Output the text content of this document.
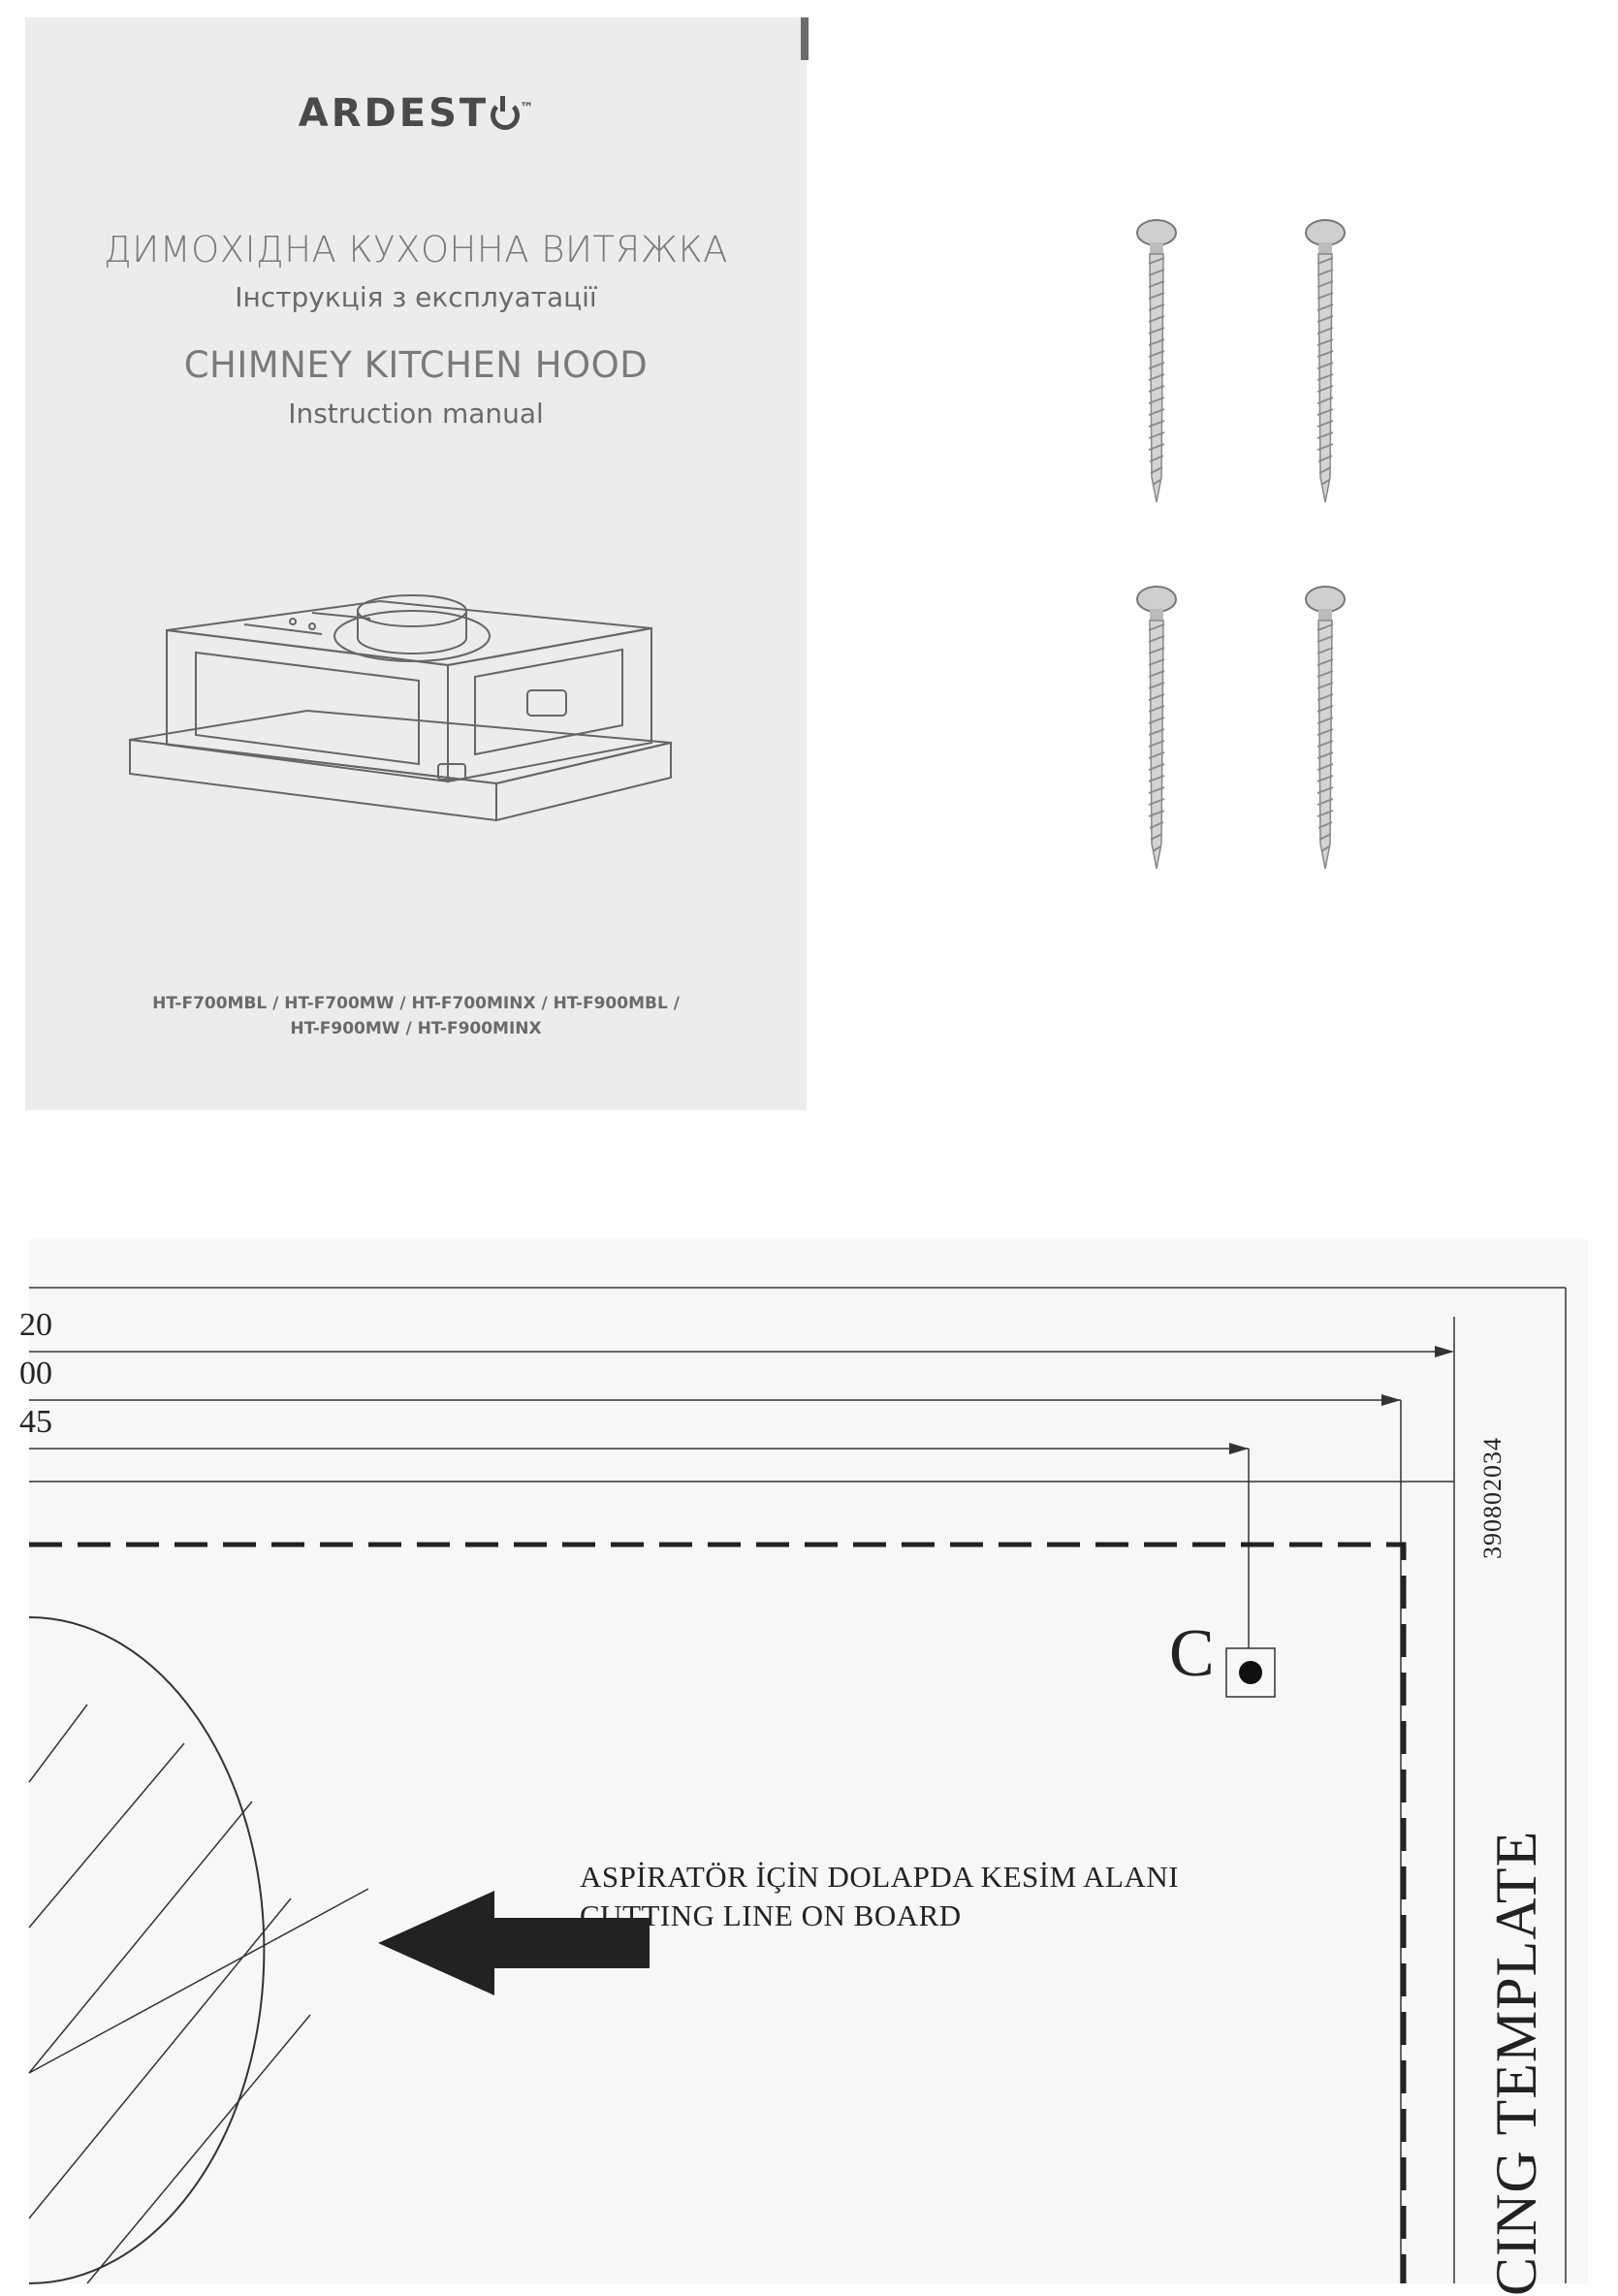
ARDEST ™
ДИМОХІДНА КУХОННА ВИТЯЖКА
Інструкція з експлуатації
CHIMNEY KITCHEN HOOD
Instruction manual
HT-F700MBL / HT-F700MW / HT-F700MINX / HT-F900MBL /
HT-F900MW / HT-F900MINX
20
00
45
390802034
C
ASPİRATÖR İÇİN DOLAPDA KESİM ALANI
CUTTING LINE ON BOARD	CING TEMPLATE
